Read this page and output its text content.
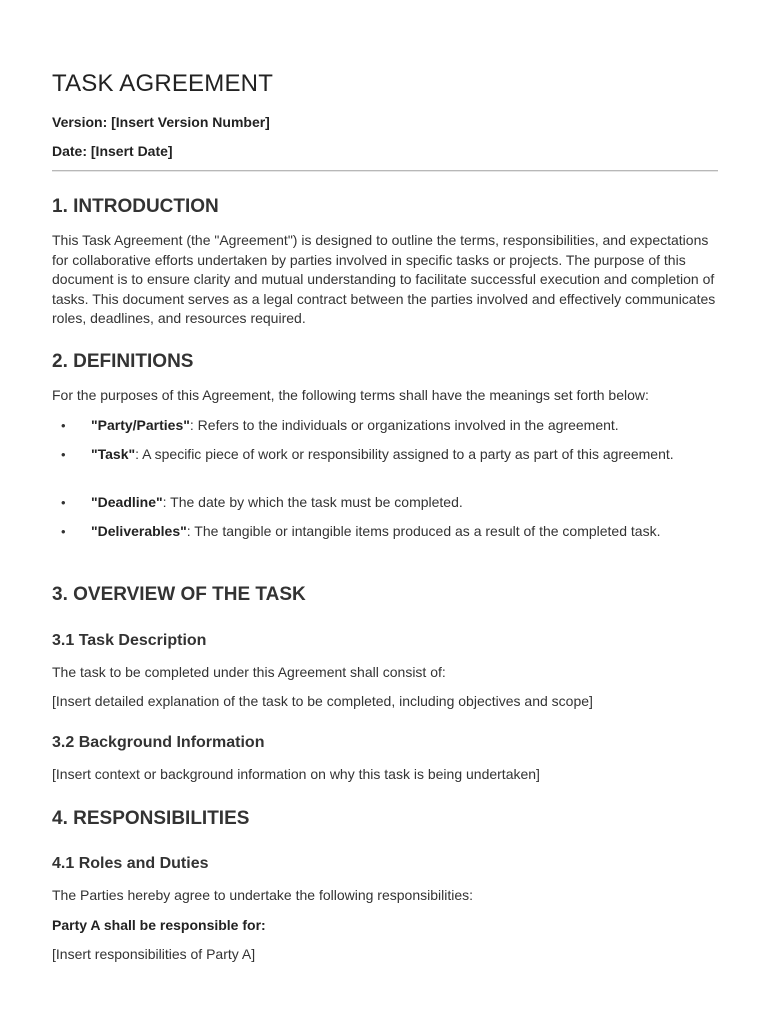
TASK AGREEMENT

Version: [Insert Version Number]

Date: [Insert Date]

1. INTRODUCTION

This Task Agreement (the "Agreement") is designed to outline the terms, responsibilities, and expectations for collaborative efforts undertaken by parties involved in specific tasks or projects. The purpose of this document is to ensure clarity and mutual understanding to facilitate successful execution and completion of tasks. This document serves as a legal contract between the parties involved and effectively communicates roles, deadlines, and resources required.

2. DEFINITIONS

For the purposes of this Agreement, the following terms shall have the meanings set forth below:

• "Party/Parties": Refers to the individuals or organizations involved in the agreement.
• "Task": A specific piece of work or responsibility assigned to a party as part of this agreement.
• "Deadline": The date by which the task must be completed.
• "Deliverables": The tangible or intangible items produced as a result of the completed task.
3. OVERVIEW OF THE TASK
3.1 Task Description

The task to be completed under this Agreement shall consist of:

[Insert detailed explanation of the task to be completed, including objectives and scope]

3.2 Background Information

[Insert context or background information on why this task is being undertaken]

4. RESPONSIBILITIES
4.1 Roles and Duties

The Parties hereby agree to undertake the following responsibilities:

Party A shall be responsible for:

[Insert responsibilities of Party A]
